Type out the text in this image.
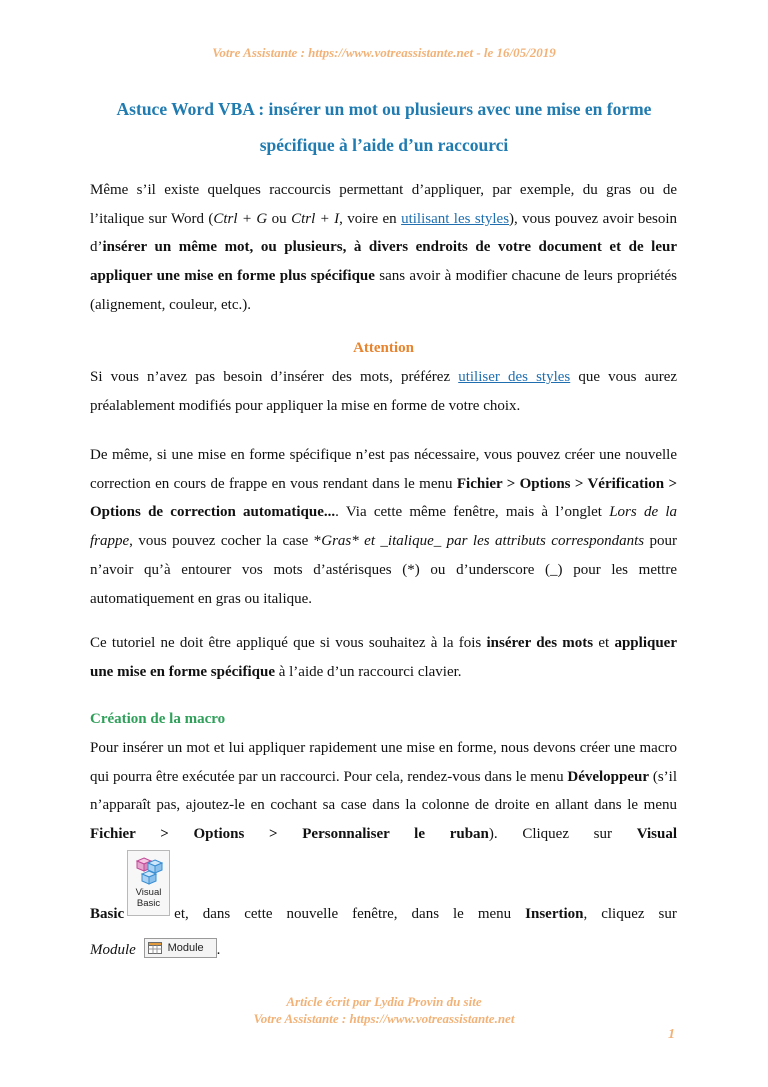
Votre Assistante : https://www.votreassistante.net - le 16/05/2019
Astuce Word VBA : insérer un mot ou plusieurs avec une mise en forme
spécifique à l’aide d’un raccourci

Même s’il existe quelques raccourcis permettant d’appliquer, par exemple, du gras ou de l’italique sur Word (Ctrl + G ou Ctrl + I, voire en utilisant les styles), vous pouvez avoir besoin d’insérer un même mot, ou plusieurs, à divers endroits de votre document et de leur appliquer une mise en forme plus spécifique sans avoir à modifier chacune de leurs propriétés (alignement, couleur, etc.).

Attention

Si vous n’avez pas besoin d’insérer des mots, préférez utiliser des styles que vous aurez préalablement modifiés pour appliquer la mise en forme de votre choix.

De même, si une mise en forme spécifique n’est pas nécessaire, vous pouvez créer une nouvelle correction en cours de frappe en vous rendant dans le menu Fichier > Options > Vérification > Options de correction automatique.... Via cette même fenêtre, mais à l’onglet Lors de la frappe, vous pouvez cocher la case *Gras* et _italique_ par les attributs correspondants pour n’avoir qu’à entourer vos mots d’astérisques (*) ou d’underscore (_) pour les mettre automatiquement en gras ou italique.

Ce tutoriel ne doit être appliqué que si vous souhaitez à la fois insérer des mots et appliquer une mise en forme spécifique à l’aide d’un raccourci clavier.

Création de la macro

Pour insérer un mot et lui appliquer rapidement une mise en forme, nous devons créer une macro qui pourra être exécutée par un raccourci. Pour cela, rendez-vous dans le menu Développeur (s’il n’apparaît pas, ajoutez-le en cochant sa case dans la colonne de droite en allant dans le menu Fichier > Options > Personnaliser le ruban). Cliquez sur Visual

Visual
Basic

Basic	et, dans cette nouvelle fenêtre, dans le menu Insertion, cliquez sur

Module	Module .

Article écrit par Lydia Provin du site
Votre Assistante : https://www.votreassistante.net
1
